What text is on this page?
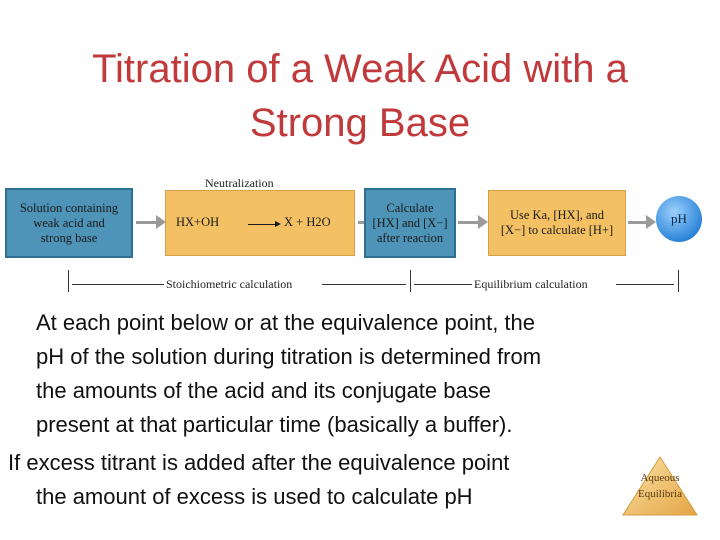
Titration of a Weak Acid with a
Strong Base
Neutralization
Solution containing
weak acid and
strong base
HX+OH → X + H2O
Calculate
[HX] and [X−]
after reaction
Use Ka, [HX], and
[X−] to calculate [H+]
pH
Stoichiometric calculation	Equilibrium calculation
At each point below or at the equivalence point, the
pH of the solution during titration is determined from
the amounts of the acid and its conjugate base
present at that particular time (basically a buffer).
If excess titrant is added after the equivalence point
the amount of excess is used to calculate pH
Aqueous
Equilibria
